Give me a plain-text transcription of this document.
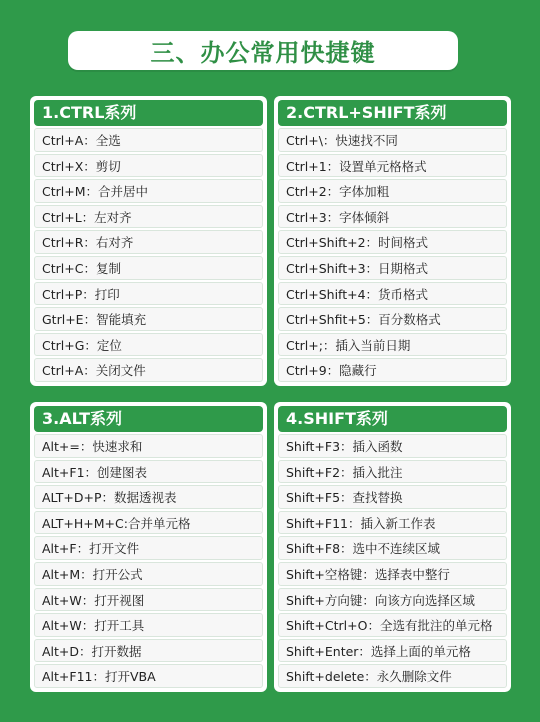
三、办公常用快捷键
1.CTRL系列
Ctrl+A：全选
Ctrl+X：剪切
Ctrl+M：合并居中
Ctrl+L：左对齐
Ctrl+R：右对齐
Ctrl+C：复制
Ctrl+P：打印
Gtrl+E：智能填充
Ctrl+G：定位
Ctrl+A：关闭文件
2.CTRL+SHIFT系列
Ctrl+\：快速找不同
Ctrl+1：设置单元格格式
Ctrl+2：字体加粗
Ctrl+3：字体倾斜
Ctrl+Shift+2：时间格式
Ctrl+Shift+3：日期格式
Ctrl+Shift+4：货币格式
Ctrl+Shfit+5：百分数格式
Ctrl+;：插入当前日期
Ctrl+9：隐藏行
3.ALT系列
Alt+=：快速求和
Alt+F1：创建图表
ALT+D+P：数据透视表
ALT+H+M+C:合并单元格
Alt+F：打开文件
Alt+M：打开公式
Alt+W：打开视图
Alt+W：打开工具
Alt+D：打开数据
Alt+F11：打开VBA
4.SHIFT系列
Shift+F3：插入函数
Shift+F2：插入批注
Shift+F5：查找替换
Shift+F11：插入新工作表
Shift+F8：选中不连续区域
Shift+空格键：选择表中整行
Shift+方向键：向该方向选择区域
Shift+Ctrl+O：全选有批注的单元格
Shift+Enter：选择上面的单元格
Shift+delete：永久删除文件
